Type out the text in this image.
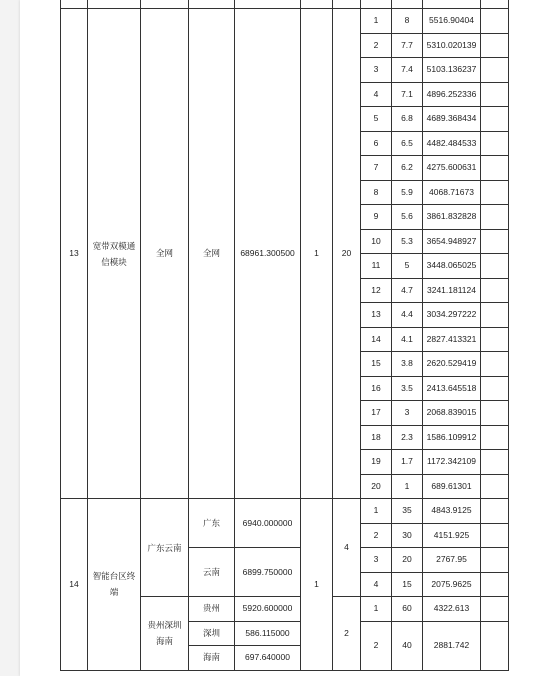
13	宽带双模通信模块	全网	全网	68961.300500	1	20	1	8	5516.90404	
							2	7.7	5310.020139	
							3	7.4	5103.136237	
							4	7.1	4896.252336	
							5	6.8	4689.368434	
							6	6.5	4482.484533	
							7	6.2	4275.600631	
							8	5.9	4068.71673	
							9	5.6	3861.832828	
							10	5.3	3654.948927	
							11	5	3448.065025	
							12	4.7	3241.181124	
							13	4.4	3034.297222	
							14	4.1	2827.413321	
							15	3.8	2620.529419	
							16	3.5	2413.645518	
							17	3	2068.839015	
							18	2.3	1586.109912	
							19	1.7	1172.342109	
							20	1	689.61301	
14	智能台区终端	广东云南	广东	6940.000000	1	4	1	35	4843.9125	
							2	30	4151.925	
			云南	6899.750000			3	20	2767.95	
							4	15	2075.9625	
		贵州深圳海南	贵州	5920.600000		2	1	60	4322.613	
			深圳	586.115000			2	40	2881.742	
			海南	697.640000						
